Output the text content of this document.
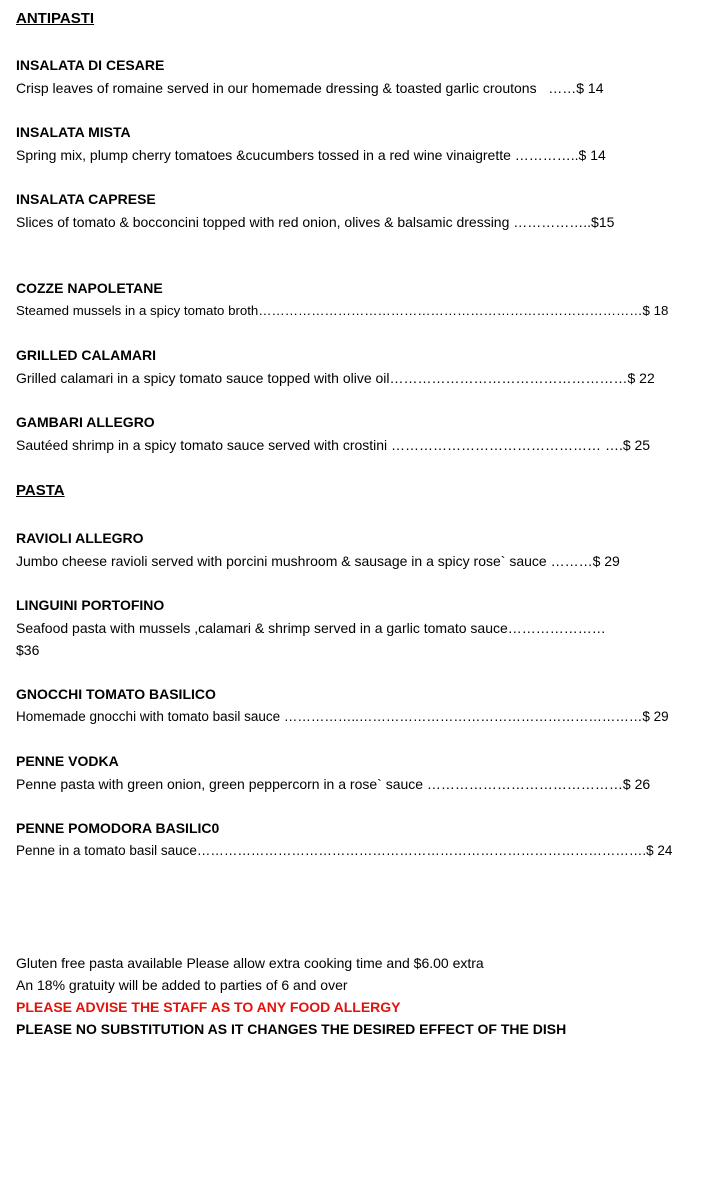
ANTIPASTI
INSALATA DI CESARE
Crisp leaves of romaine served in our homemade dressing & toasted garlic croutons   ……$ 14
INSALATA MISTA
Spring mix, plump cherry tomatoes &cucumbers tossed in a red wine vinaigrette …………..$ 14
INSALATA CAPRESE
Slices of tomato & bocconcini topped with red onion, olives & balsamic dressing ……………..$15
COZZE NAPOLETANE
Steamed mussels in a spicy tomato broth……………………………………………………………………………$ 18
GRILLED CALAMARI
Grilled calamari in a spicy tomato sauce topped with olive oil……………………………………………$ 22
GAMBARI ALLEGRO
Sautéed shrimp in a spicy tomato sauce served with crostini ……………………………………… ….$ 25
PASTA
RAVIOLI ALLEGRO
Jumbo cheese ravioli served with porcini mushroom & sausage in a spicy rose` sauce ………$ 29
LINGUINI PORTOFINO
Seafood pasta with mussels ,calamari & shrimp served in a garlic tomato sauce…………………
$36
GNOCCHI TOMATO BASILICO
Homemade gnocchi with tomato basil sauce ……………..………………………………………………………$ 29
PENNE VODKA
Penne pasta with green onion, green peppercorn in a rose` sauce ……………………………………$ 26
PENNE POMODORA BASILIC0
Penne in a tomato basil sauce……………………………………………………………………………………….$ 24
Gluten free pasta available Please allow extra cooking time and $6.00 extra
An 18% gratuity will be added to parties of 6 and over
PLEASE ADVISE THE STAFF AS TO ANY FOOD ALLERGY
PLEASE NO SUBSTITUTION AS IT CHANGES THE DESIRED EFFECT OF THE DISH
